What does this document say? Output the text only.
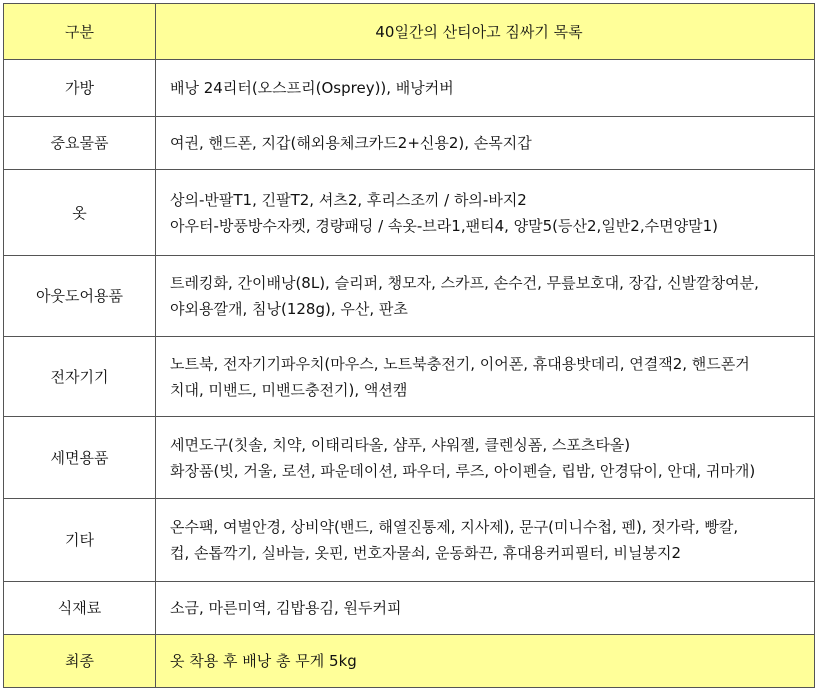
구분	40일간의 산티아고 짐싸기 목록
가방	배낭 24리터(오스프리(Osprey)), 배낭커버

중요물품	여권, 핸드폰, 지갑(해외용체크카드2+신용2), 손목지갑

옷	상의-반팔T1, 긴팔T2, 셔츠2, 후리스조끼 / 하의-바지2
아우터-방풍방수자켓, 경량패딩 / 속옷-브라1,팬티4, 양말5(등산2,일반2,수면양말1)

아웃도어용품	트레킹화, 간이배낭(8L), 슬리퍼, 챙모자, 스카프, 손수건, 무릎보호대, 장갑, 신발깔창여분,
야외용깔개, 침낭(128g), 우산, 판초

전자기기	노트북, 전자기기파우치(마우스, 노트북충전기, 이어폰, 휴대용밧데리, 연결잭2, 핸드폰거
치대, 미밴드, 미밴드충전기), 액션캠

세면용품	세면도구(칫솔, 치약, 이태리타올, 샴푸, 샤워젤, 클렌싱폼, 스포츠타올)
화장품(빗, 거울, 로션, 파운데이션, 파우더, 루즈, 아이펜슬, 립밤, 안경닦이, 안대, 귀마개)

기타	온수팩, 여벌안경, 상비약(밴드, 해열진통제, 지사제), 문구(미니수첩, 펜), 젓가락, 빵칼,
컵, 손톱깍기, 실바늘, 옷핀, 번호자물쇠, 운동화끈, 휴대용커피필터, 비닐봉지2

식재료	소금, 마른미역, 김밥용김, 원두커피

최종	옷 착용 후 배낭 총 무게 5kg
